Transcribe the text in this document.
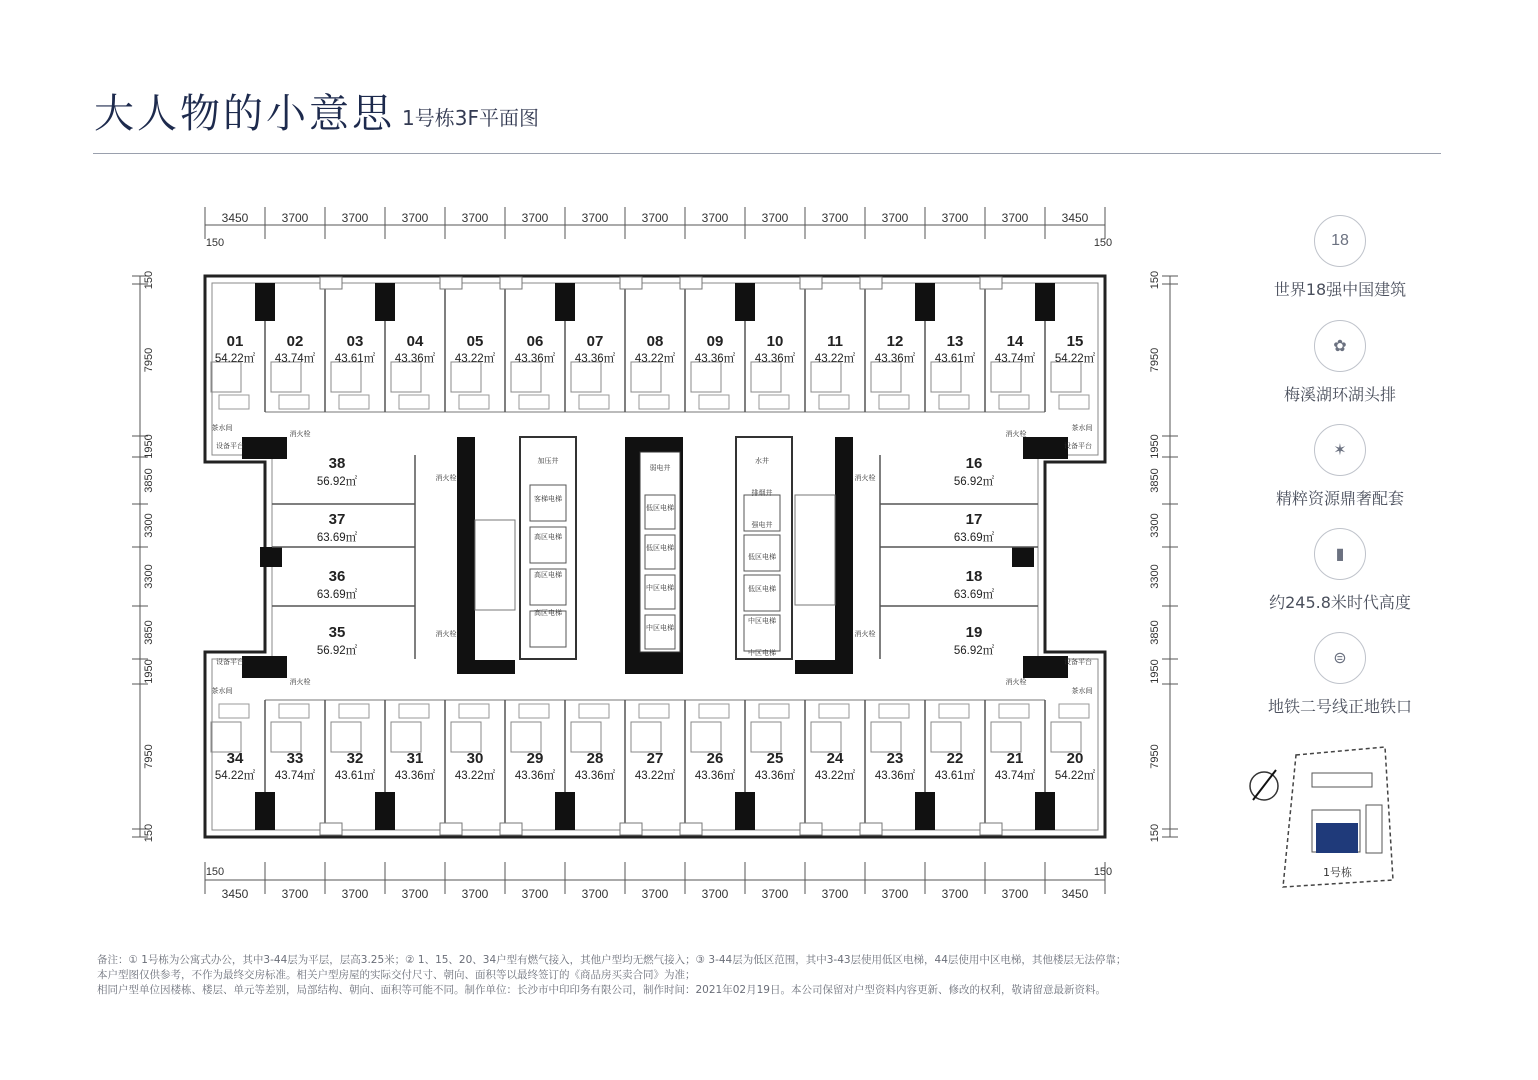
大人物的小意思 1号栋3F平面图
3450	3700	3700	3700	3700	3700	3700	3700	3700	3700	3700	3700	3700	3700	3450
3450	3700	3700	3700	3700	3700	3700	3700	3700	3700	3700	3700	3700	3700	3450
150	150
150	150
150
7950
1950
3850
3300
3300
3850
1950
7950
150
150
7950
1950
3850
3300
3300
3850
1950
7950
150
加压井
客梯电梯
高区电梯
高区电梯
高区电梯
弱电井
低区电梯
低区电梯
中区电梯
中区电梯
水井
排烟井
强电井
低区电梯
低区电梯
中区电梯
中区电梯
01
54.22㎡
34
54.22㎡
02
43.74㎡
33
43.74㎡
03
43.61㎡
32
43.61㎡
04
43.36㎡
31
43.36㎡
05
43.22㎡
30
43.22㎡
06
43.36㎡
29
43.36㎡
07
43.36㎡
28
43.36㎡
08
43.22㎡
27
43.22㎡
09
43.36㎡
26
43.36㎡
10
43.36㎡
25
43.36㎡
11
43.22㎡
24
43.22㎡
12
43.36㎡
23
43.36㎡
13
43.61㎡
22
43.61㎡
14
43.74㎡
21
43.74㎡
15
54.22㎡
20
54.22㎡
38
56.92㎡
37
63.69㎡
36
63.69㎡
35
56.92㎡
16
56.92㎡
17
63.69㎡
18
63.69㎡
19
56.92㎡
设备平台	设备平台
设备平台	设备平台
茶水间	茶水间
茶水间	茶水间
消火栓	消火栓
消火栓	消火栓
消火栓	消火栓
消火栓	消火栓
18
世界18强中国建筑
✿
梅溪湖环湖头排
✶
精粹资源鼎奢配套
▮
约245.8米时代高度
⊜
地铁二号线正地铁口
1号栋
备注：① 1号栋为公寓式办公，其中3-44层为平层，层高3.25米；② 1、15、20、34户型有燃气接入，其他户型均无燃气接入；③ 3-44层为低区范围，其中3-43层使用低区电梯，44层使用中区电梯，其他楼层无法停靠；
本户型图仅供参考，不作为最终交房标准。相关户型房屋的实际交付尺寸、朝向、面积等以最终签订的《商品房买卖合同》为准；
相同户型单位因楼栋、楼层、单元等差别，局部结构、朝向、面积等可能不同。制作单位：长沙市中印印务有限公司，制作时间：2021年02月19日。本公司保留对户型资料内容更新、修改的权利，敬请留意最新资料。
